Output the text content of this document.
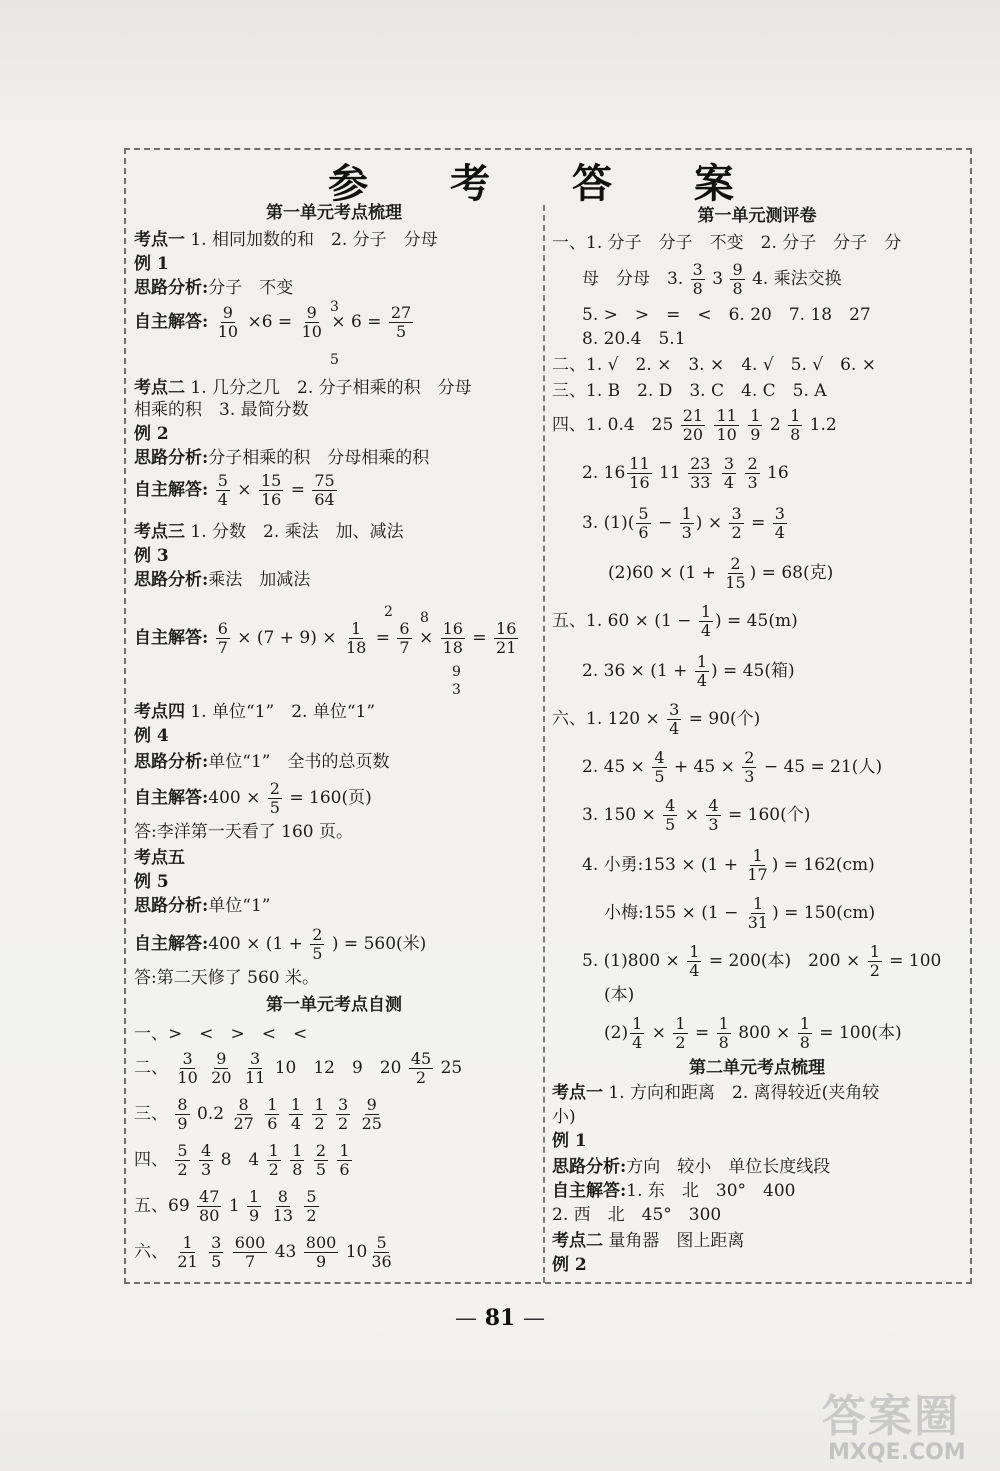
参 考 答 案
第一单元考点梳理
考点一 1. 相同加数的和　2. 分子　分母
例 1
思路分析:分子　不变
自主解答: $\frac{9}{10} \times 6 = \frac{9}{10} \times 6 = \frac{27}{5}$
3
5
考点二 1. 几分之几　2. 分子相乘的积　分母
相乘的积　3. 最简分数
例 2
思路分析:分子相乘的积　分母相乘的积
自主解答: $\frac{5}{4} \times \frac{15}{16} = \frac{75}{64}$
考点三 1. 分数　2. 乘法　加、减法
例 3
思路分析:乘法　加减法
自主解答: $\frac{6}{7} \times (7 + 9) \times \frac{1}{18} = \frac{6}{7} \times \frac{16}{18} = \frac{16}{21}$
2 8
9
3
考点四 1. 单位“1”　2. 单位“1”
例 4
思路分析:单位“1”　全书的总页数
自主解答:400 × $\frac{2}{5} = 160$(页)
答:李洋第一天看了 160 页。
考点五
例 5
思路分析:单位“1”
自主解答:400 × ($1 + \frac{2}{5}$ ) = 560(米)
答:第二天修了 560 米。
第一单元考点自测
一、>　<　>　<　<
二、 $\frac{3}{10}$
$\frac{9}{20}$
$\frac{3}{11} 10$　12　9　$20 \frac{45}{2} 25$
三、 $\frac{8}{9} 0.2 \frac{8}{27}$
$\frac{1}{6}$
$\frac{1}{4}$
$\frac{1}{2}$
$\frac{3}{2}$
$\frac{9}{25}$
四、 $\frac{5}{2}$
$\frac{4}{3} 8$　$4 \frac{1}{2}$
$\frac{1}{8}$
$\frac{2}{5}$
$\frac{1}{6}$
五、$69 \frac{47}{80} 1 \frac{1}{9}$
$\frac{8}{13}$
$\frac{5}{2}$
六、 $\frac{1}{21}$
$\frac{3}{5}$
$\frac{600}{7} 43 \frac{800}{9} 10 \frac{5}{36}$
第一单元测评卷
一、1. 分子　分子　不变　2. 分子　分子　分
母　分母　3. $\frac{3}{8} 3 \frac{9}{8} 4$. 乘法交换
5. >　>　=　<　6. 20　7. 18　27
8. 20.4　5.1
二、1. √　2. ×　3. ×　4. √　5. √　6. ×
三、1. B　2. D　3. C　4. C　5. A
四、1. 0.4　$25 \frac{21}{20}$
$\frac{11}{10}$
$\frac{1}{9} 2 \frac{1}{8} 1.2$
2. $16 \frac{11}{16} 11 \frac{23}{33}$
$\frac{3}{4}$
$\frac{2}{3} 16$
3. $(1)( \frac{5}{6} - \frac{1}{3}$ ) × $\frac{3}{2} = \frac{3}{4}$
$(2)60 \times (1 + \frac{2}{15}$ ) = 68(克)
五、1. $60 \times (1 - \frac{1}{4}$ ) = 45(m)
2. $36 \times (1 + \frac{1}{4}$ ) = 45(箱)
六、1. $120 \times \frac{3}{4} = 90$(个)
2. $45 \times \frac{4}{5} + 45 \times \frac{2}{3} - 45 = 21$(人)
3. $150 \times \frac{4}{5} \times \frac{4}{3} = 160$(个)
4. 小勇:153 × ($1 + \frac{1}{17}$ ) = 162(cm)
小梅:155 × ($1 - \frac{1}{31}$ ) = 150(cm)
5. $(1)800 \times \frac{1}{4} = 200$(本)　$200 \times \frac{1}{2} = 100$
(本)
$(2) \frac{1}{4} \times \frac{1}{2} = \frac{1}{8} 800 \times \frac{1}{8} = 100$(本)
第二单元考点梳理
考点一 1. 方向和距离　2. 离得较近(夹角较
小)
例 1
思路分析:方向　较小　单位长度线段
自主解答:1. 东　北　30°　400
2. 西　北　45°　300
考点二 量角器　图上距离
例 2
— 81 —
答案圈
MXQE.COM
